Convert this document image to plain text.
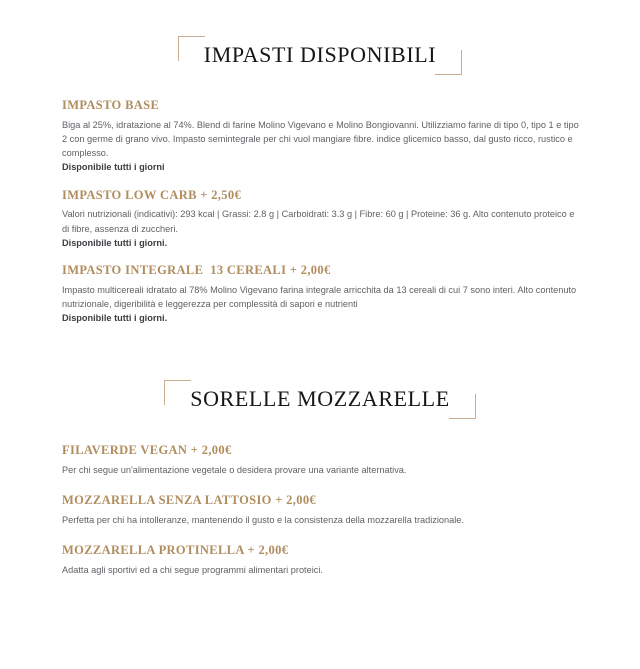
IMPASTI DISPONIBILI
IMPASTO BASE

Biga al 25%, idratazione al 74%. Blend di farine Molino Vigevano e Molino Bongiovanni. Utilizziamo farine di tipo 0, tipo 1 e tipo 2 con germe di grano vivo. Impasto semintegrale per chi vuol mangiare fibre. indice glicemico basso, dal gusto ricco, rustico e complesso.

Disponibile tutti i giorni

IMPASTO LOW CARB + 2,50€

Valori nutrizionali (indicativi): 293 kcal | Grassi: 2.8 g | Carboidrati: 3.3 g | Fibre: 60 g | Proteine: 36 g. Alto contenuto proteico e di fibre, assenza di zuccheri.

Disponibile tutti i giorni.

IMPASTO INTEGRALE  13 CEREALI + 2,00€

Impasto multicereali idratato al 78% Molino Vigevano farina integrale arricchita da 13 cereali di cui 7 sono interi. Alto contenuto nutrizionale, digeribilità e leggerezza per complessità di sapori e nutrienti

Disponibile tutti i giorni.

SORELLE MOZZARELLE
FILAVERDE VEGAN + 2,00€

Per chi segue un'alimentazione vegetale o desidera provare una variante alternativa.

MOZZARELLA SENZA LATTOSIO + 2,00€

Perfetta per chi ha intolleranze, mantenendo il gusto e la consistenza della mozzarella tradizionale.

MOZZARELLA PROTINELLA + 2,00€

Adatta agli sportivi ed a chi segue programmi alimentari proteici.
